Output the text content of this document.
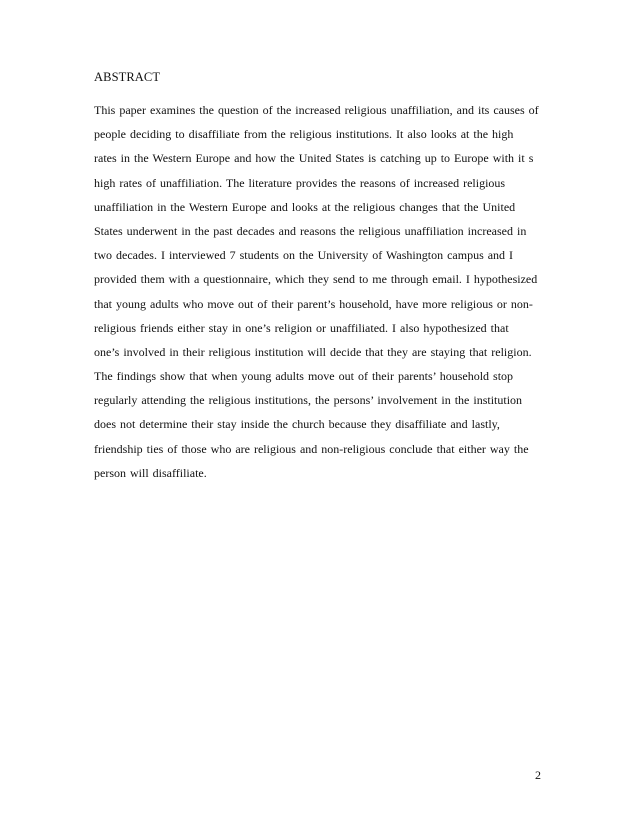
ABSTRACT
This paper examines the question of the increased religious unaffiliation, and its causes of
people deciding to disaffiliate from the religious institutions. It also looks at the high
rates in the Western Europe and how the United States is catching up to Europe with it s
high rates of unaffiliation. The literature provides the reasons of increased religious
unaffiliation in the Western Europe and looks at the religious changes that the United
States underwent in the past decades and reasons the religious unaffiliation increased in
two decades. I interviewed 7 students on the University of Washington campus and I
provided them with a questionnaire, which they send to me through email. I hypothesized
that young adults who move out of their parent’s household, have more religious or non-
religious friends either stay in one’s religion or unaffiliated. I also hypothesized that
one’s involved in their religious institution will decide that they are staying that religion.
The findings show that when young adults move out of their parents’ household stop
regularly attending the religious institutions, the persons’ involvement in the institution
does not determine their stay inside the church because they disaffiliate and lastly,
friendship ties of those who are religious and non-religious conclude that either way the
person will disaffiliate.
2
